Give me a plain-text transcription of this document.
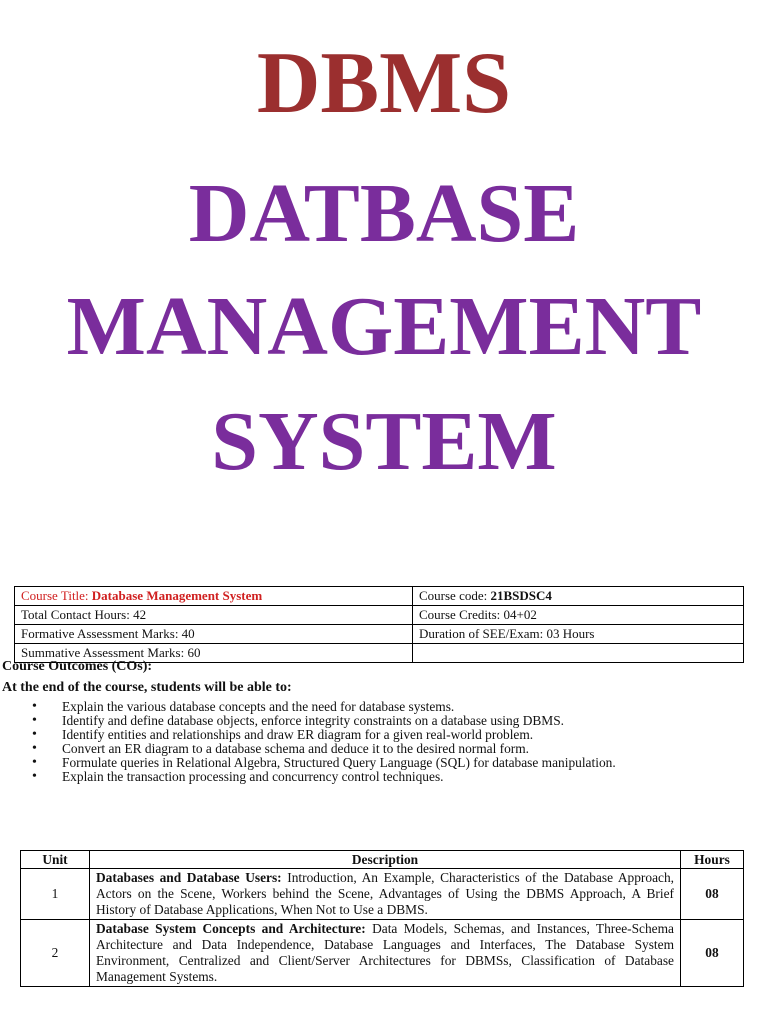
DBMS
DATBASE
MANAGEMENT
SYSTEM
Course Title: Database Management System	Course code: 21BSDSC4
Total Contact Hours: 42	Course Credits: 04+02
Formative Assessment Marks: 40	Duration of SEE/Exam: 03 Hours
Summative Assessment Marks: 60	
Course Outcomes (COs):
At the end of the course, students will be able to:
• Explain the various database concepts and the need for database systems.
• Identify and define database objects, enforce integrity constraints on a database using DBMS.
• Identify entities and relationships and draw ER diagram for a given real-world problem.
• Convert an ER diagram to a database schema and deduce it to the desired normal form.
• Formulate queries in Relational Algebra, Structured Query Language (SQL) for database manipulation.
• Explain the transaction processing and concurrency control techniques.
Unit	Description	Hours
1	Databases and Database Users: Introduction, An Example, Characteristics of the Database Approach, Actors on the Scene, Workers behind the Scene, Advantages of Using the DBMS Approach, A Brief History of Database Applications, When Not to Use a DBMS.	08
2	Database System Concepts and Architecture: Data Models, Schemas, and Instances, Three-Schema Architecture and Data Independence, Database Languages and Interfaces, The Database System Environment, Centralized and Client/Server Architectures for DBMSs, Classification of Database Management Systems.	08
